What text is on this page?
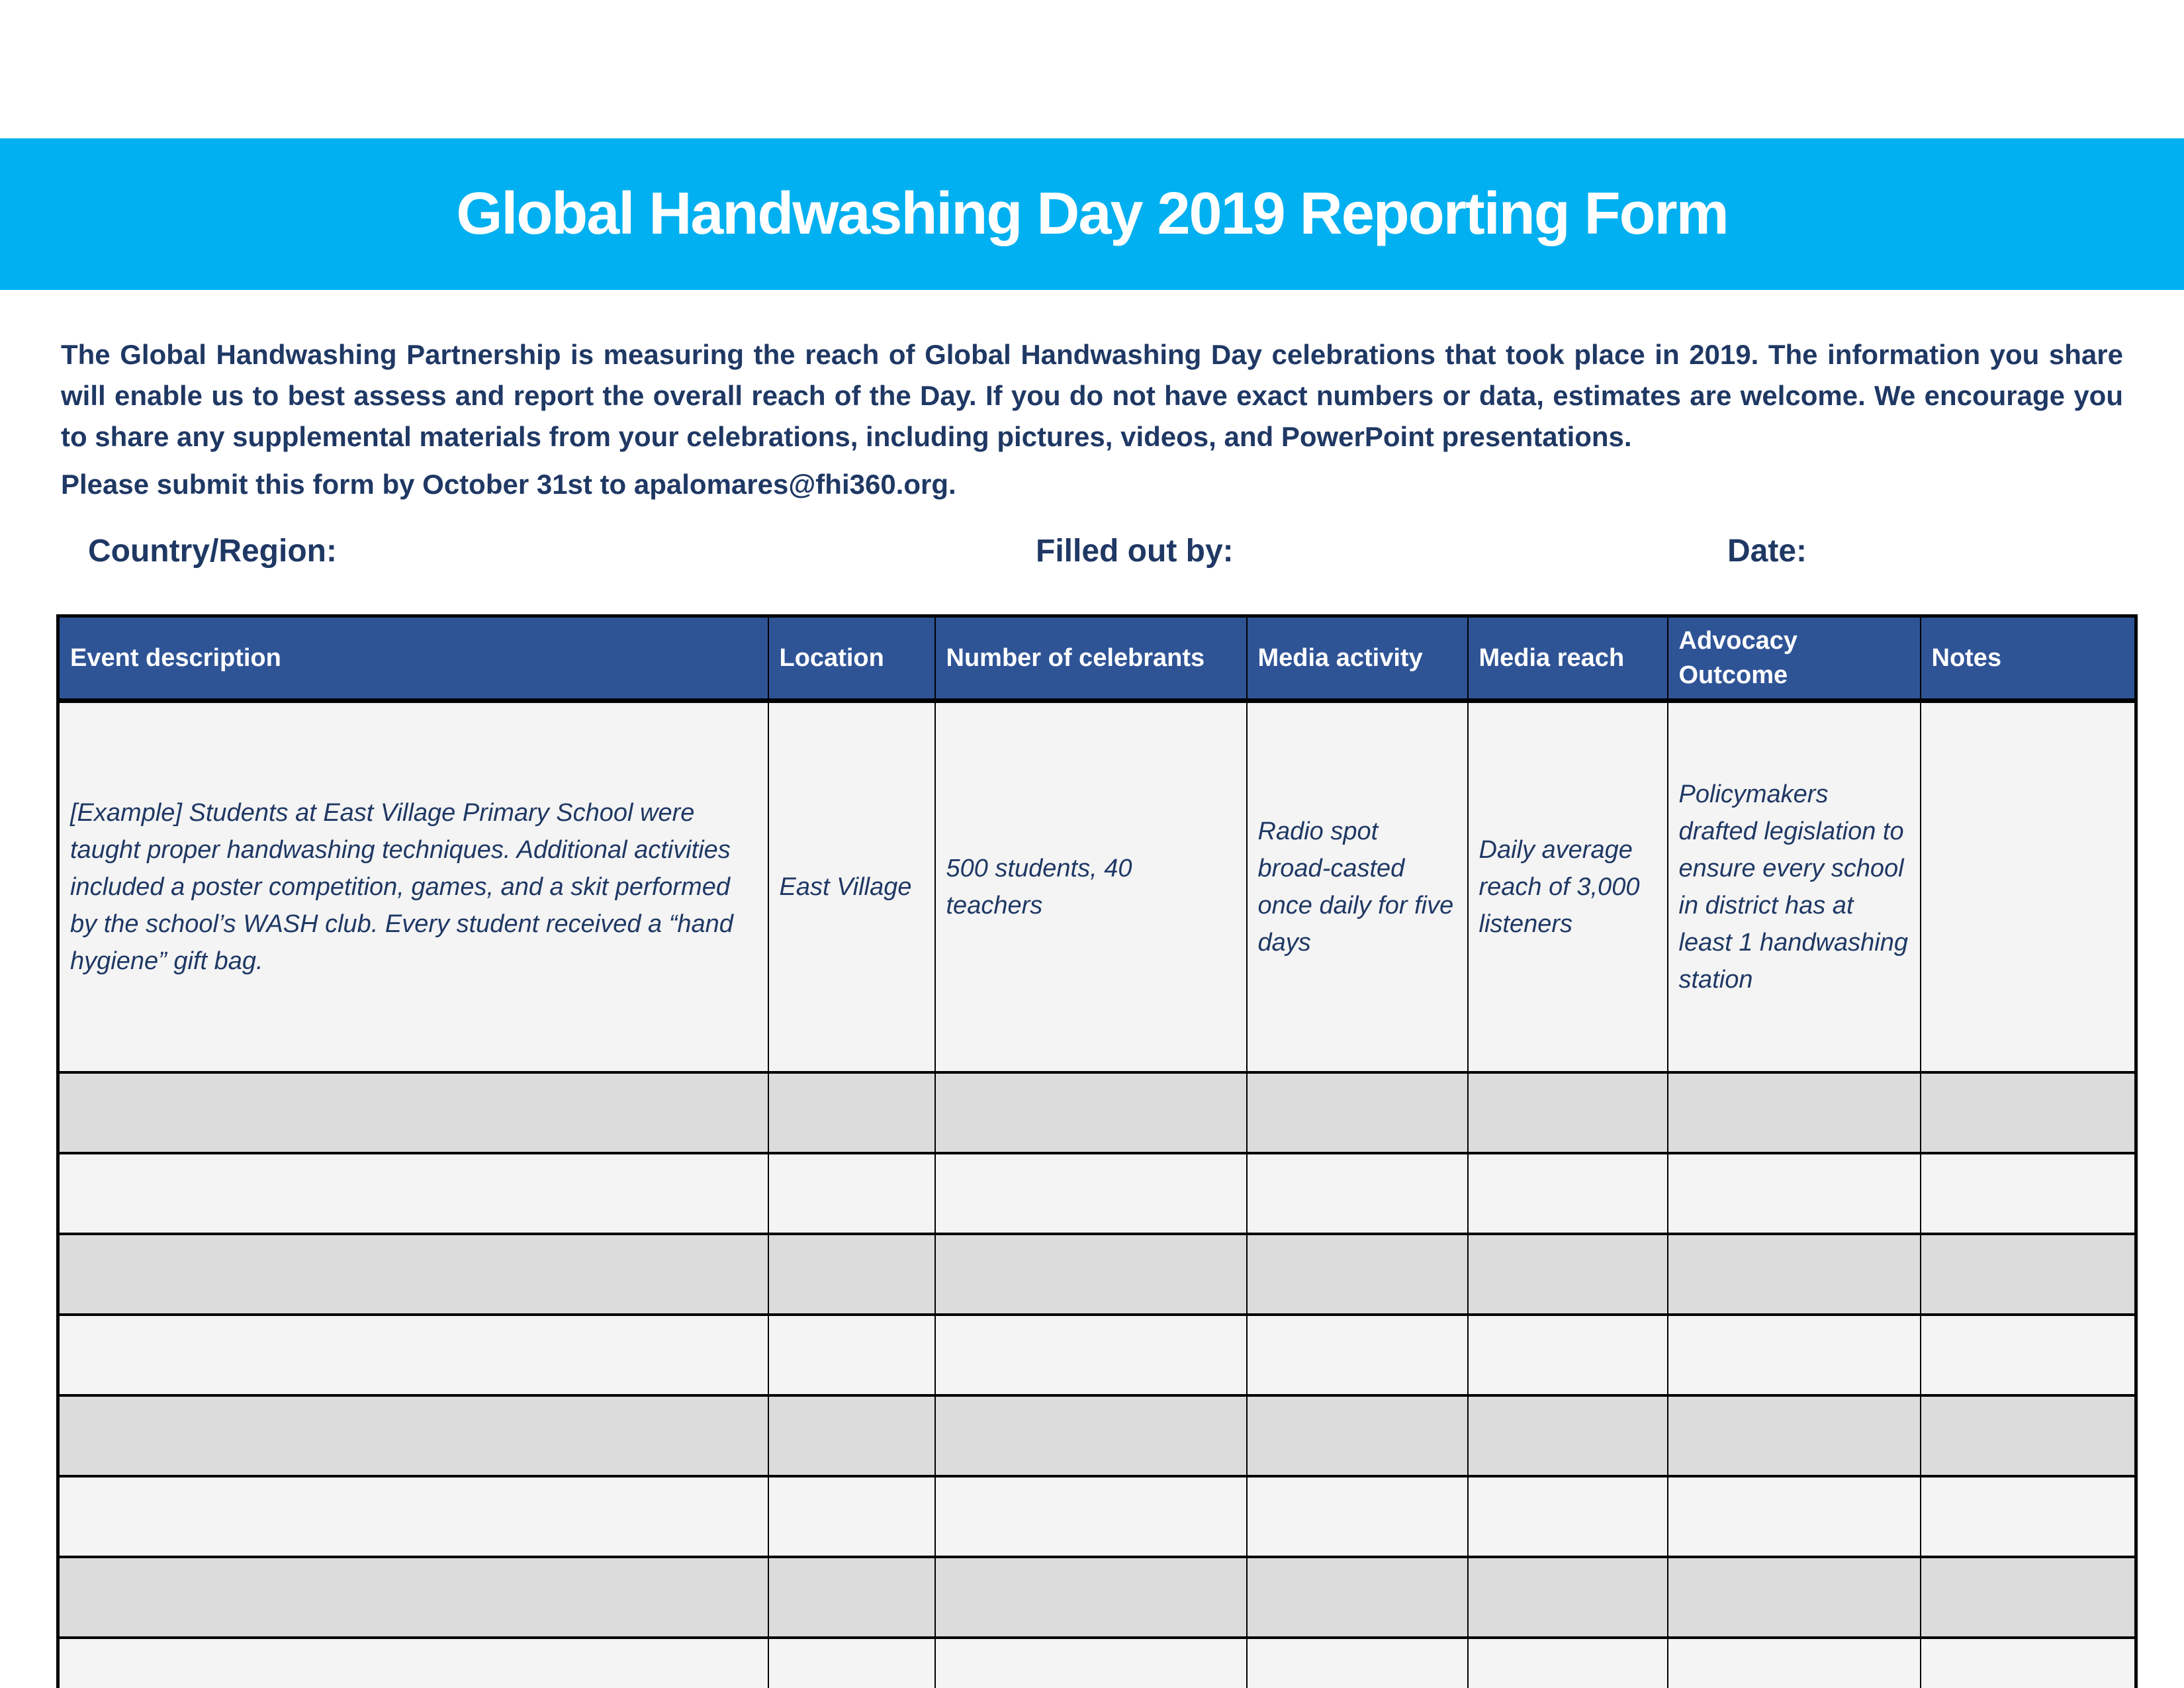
Global Handwashing Day 2019 Reporting Form

The Global Handwashing Partnership is measuring the reach of Global Handwashing Day celebrations that took place in 2019. The information you share will enable us to best assess and report the overall reach of the Day. If you do not have exact numbers or data, estimates are welcome. We encourage you to share any supplemental materials from your celebrations, including pictures, videos, and PowerPoint presentations.

Please submit this form by October 31st to apalomares@fhi360.org.

Country/Region:	Filled out by:	Date:
Event description	Location	Number of celebrants	Media activity	Media reach	Advocacy Outcome	Notes
[Example] Students at East Village Primary School were taught proper handwashing techniques. Additional activities included a poster competition, games, and a skit performed by the school’s WASH club. Every student received a “hand hygiene” gift bag.	East Village	500 students, 40 teachers	Radio spot broad-casted once daily for five days	Daily average reach of 3,000 listeners	Policymakers drafted legislation to ensure every school in district has at least 1 handwashing station	
